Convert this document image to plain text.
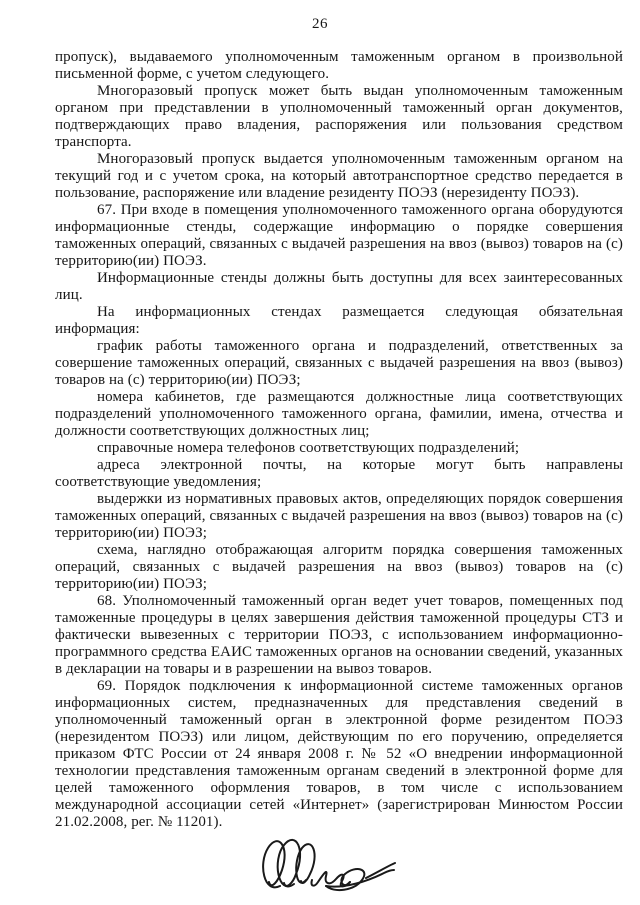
26

пропуск), выдаваемого уполномоченным таможенным органом в произвольной письменной форме, с учетом следующего.

Многоразовый пропуск может быть выдан уполномоченным таможенным органом при представлении в уполномоченный таможенный орган документов, подтверждающих право владения, распоряжения или пользования средством транспорта.

Многоразовый пропуск выдается уполномоченным таможенным органом на текущий год и с учетом срока, на который автотранспортное средство передается в пользование, распоряжение или владение резиденту ПОЭЗ (нерезиденту ПОЭЗ).

67. При входе в помещения уполномоченного таможенного органа оборудуются информационные стенды, содержащие информацию о порядке совершения таможенных операций, связанных с выдачей разрешения на ввоз (вывоз) товаров на (с) территорию(ии) ПОЭЗ.

Информационные стенды должны быть доступны для всех заинтересованных лиц.

На информационных стендах размещается следующая обязательная информация:

график работы таможенного органа и подразделений, ответственных за совершение таможенных операций, связанных с выдачей разрешения на ввоз (вывоз) товаров на (с) территорию(ии) ПОЭЗ;

номера кабинетов, где размещаются должностные лица соответствующих подразделений уполномоченного таможенного органа, фамилии, имена, отчества и должности соответствующих должностных лиц;

справочные номера телефонов соответствующих подразделений;

адреса электронной почты, на которые могут быть направлены соответствующие уведомления;

выдержки из нормативных правовых актов, определяющих порядок совершения таможенных операций, связанных с выдачей разрешения на ввоз (вывоз) товаров на (с) территорию(ии) ПОЭЗ;

схема, наглядно отображающая алгоритм порядка совершения таможенных операций, связанных с выдачей разрешения на ввоз (вывоз) товаров на (с) территорию(ии) ПОЭЗ;

68. Уполномоченный таможенный орган ведет учет товаров, помещенных под таможенные процедуры в целях завершения действия таможенной процедуры СТЗ и фактически вывезенных с территории ПОЭЗ, с использованием информационно-программного средства ЕАИС таможенных органов на основании сведений, указанных в декларации на товары и в разрешении на вывоз товаров.

69. Порядок подключения к информационной системе таможенных органов информационных систем, предназначенных для представления сведений в уполномоченный таможенный орган в электронной форме резидентом ПОЭЗ (нерезидентом ПОЭЗ) или лицом, действующим по его поручению, определяется приказом ФТС России от 24 января 2008 г. № 52 «О внедрении информационной технологии представления таможенным органам сведений в электронной форме для целей таможенного оформления товаров, в том числе с использованием международной ассоциации сетей «Интернет» (зарегистрирован Минюстом России 21.02.2008, рег. № 11201).
